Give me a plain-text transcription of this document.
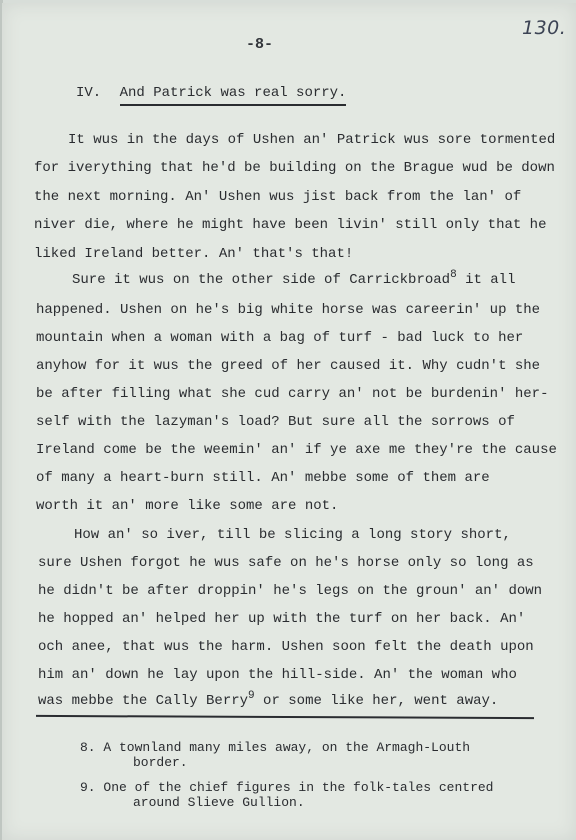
130.
-8-
IV. And Patrick was real sorry.
It wus in the days of Ushen an' Patrick wus sore tormented
for iverything that he'd be building on the Brague wud be down
the next morning. An' Ushen wus jist back from the lan' of
niver die, where he might have been livin' still only that he
liked Ireland better. An' that's that!
Sure it wus on the other side of Carrickbroad$^8$ it all
happened. Ushen on he's big white horse was careerin' up the
mountain when a woman with a bag of turf - bad luck to her
anyhow for it wus the greed of her caused it. Why cudn't she
be after filling what she cud carry an' not be burdenin' her-
self with the lazyman's load? But sure all the sorrows of
Ireland come be the weemin' an' if ye axe me they're the cause
of many a heart-burn still. An' mebbe some of them are
worth it an' more like some are not.
How an' so iver, till be slicing a long story short,
sure Ushen forgot he wus safe on he's horse only so long as
he didn't be after droppin' he's legs on the groun' an' down
he hopped an' helped her up with the turf on her back. An'
och anee, that wus the harm. Ushen soon felt the death upon
him an' down he lay upon the hill-side. An' the woman who
was mebbe the Cally Berry$^9$ or some like her, went away.
8. A townland many miles away, on the Armagh-Louth
border.
9. One of the chief figures in the folk-tales centred
around Slieve Gullion.
